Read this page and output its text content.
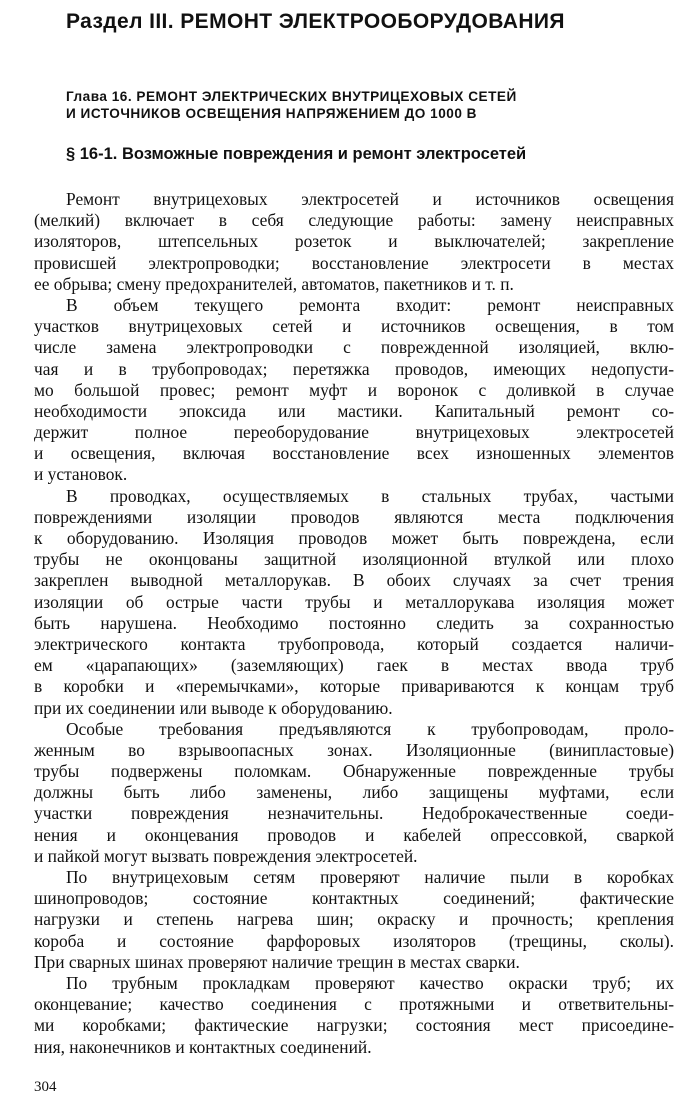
Раздел III. РЕМОНТ ЭЛЕКТРООБОРУДОВАНИЯ
Глава 16. РЕМОНТ ЭЛЕКТРИЧЕСКИХ ВНУТРИЦЕХОВЫХ СЕТЕЙ
И ИСТОЧНИКОВ ОСВЕЩЕНИЯ НАПРЯЖЕНИЕМ ДО 1000 В
§ 16-1. Возможные повреждения и ремонт электросетей
Ремонт внутрицеховых электросетей и источников освещения
(мелкий) включает в себя следующие работы: замену неисправных
изоляторов, штепсельных розеток и выключателей; закрепление
провисшей электропроводки; восстановление электросети в местах
ее обрыва; смену предохранителей, автоматов, пакетников и т. п.
В объем текущего ремонта входит: ремонт неисправных
участков внутрицеховых сетей и источников освещения, в том
числе замена электропроводки с поврежденной изоляцией, вклю-
чая и в трубопроводах; перетяжка проводов, имеющих недопусти-
мо большой провес; ремонт муфт и воронок с доливкой в случае
необходимости эпоксида или мастики. Капитальный ремонт со-
держит полное переоборудование внутрицеховых электросетей
и освещения, включая восстановление всех изношенных элементов
и установок.
В проводках, осуществляемых в стальных трубах, частыми
повреждениями изоляции проводов являются места подключения
к оборудованию. Изоляция проводов может быть повреждена, если
трубы не оконцованы защитной изоляционной втулкой или плохо
закреплен выводной металлорукав. В обоих случаях за счет трения
изоляции об острые части трубы и металлорукава изоляция может
быть нарушена. Необходимо постоянно следить за сохранностью
электрического контакта трубопровода, который создается наличи-
ем «царапающих» (заземляющих) гаек в местах ввода труб
в коробки и «перемычками», которые привариваются к концам труб
при их соединении или выводе к оборудованию.
Особые требования предъявляются к трубопроводам, проло-
женным во взрывоопасных зонах. Изоляционные (винипластовые)
трубы подвержены поломкам. Обнаруженные поврежденные трубы
должны быть либо заменены, либо защищены муфтами, если
участки повреждения незначительны. Недоброкачественные соеди-
нения и оконцевания проводов и кабелей опрессовкой, сваркой
и пайкой могут вызвать повреждения электросетей.
По внутрицеховым сетям проверяют наличие пыли в коробках
шинопроводов; состояние контактных соединений; фактические
нагрузки и степень нагрева шин; окраску и прочность; крепления
короба и состояние фарфоровых изоляторов (трещины, сколы).
При сварных шинах проверяют наличие трещин в местах сварки.
По трубным прокладкам проверяют качество окраски труб; их
оконцевание; качество соединения с протяжными и ответвительны-
ми коробками; фактические нагрузки; состояния мест присоедине-
ния, наконечников и контактных соединений.
304
